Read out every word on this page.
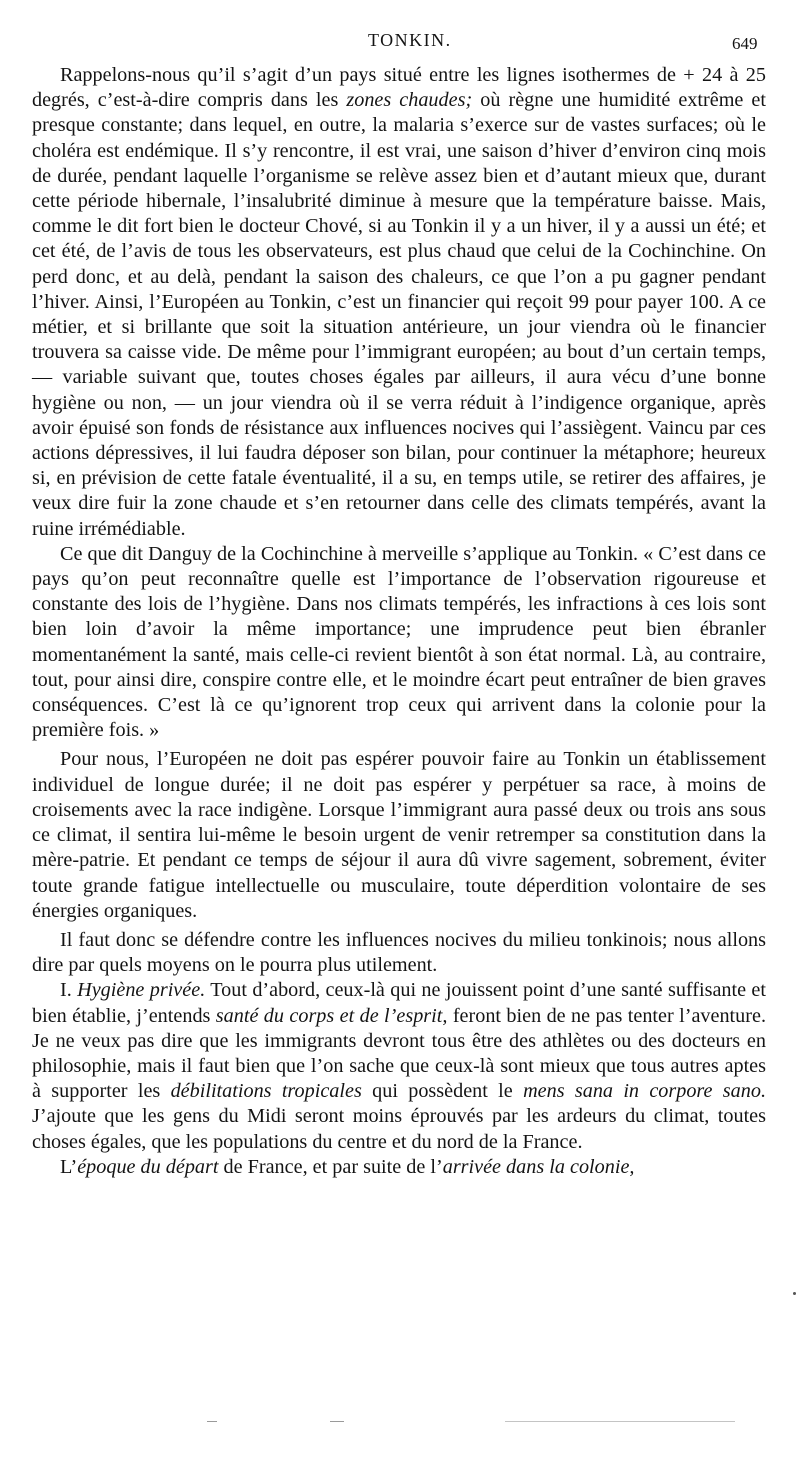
TONKIN.	649

Rappelons-nous qu’il s’agit d’un pays situé entre les lignes isothermes de + 24 à 25 degrés, c’est-à-dire compris dans les zones chaudes; où règne une humidité extrême et presque constante; dans lequel, en outre, la malaria s’exerce sur de vastes surfaces; où le choléra est endémique. Il s’y rencontre, il est vrai, une saison d’hiver d’environ cinq mois de durée, pendant laquelle l’organisme se relève assez bien et d’autant mieux que, durant cette période hibernale, l’insalubrité diminue à mesure que la température baisse. Mais, comme le dit fort bien le docteur Chové, si au Tonkin il y a un hiver, il y a aussi un été; et cet été, de l’avis de tous les observateurs, est plus chaud que celui de la Cochinchine. On perd donc, et au delà, pendant la saison des chaleurs, ce que l’on a pu gagner pendant l’hiver. Ainsi, l’Européen au Tonkin, c’est un financier qui reçoit 99 pour payer 100. A ce métier, et si brillante que soit la situation antérieure, un jour viendra où le financier trouvera sa caisse vide. De même pour l’immigrant européen; au bout d’un certain temps, — variable suivant que, toutes choses égales par ailleurs, il aura vécu d’une bonne hygiène ou non, — un jour viendra où il se verra réduit à l’indigence organique, après avoir épuisé son fonds de résistance aux influences nocives qui l’assiègent. Vaincu par ces actions dépressives, il lui faudra déposer son bilan, pour continuer la métaphore; heureux si, en prévision de cette fatale éventualité, il a su, en temps utile, se retirer des affaires, je veux dire fuir la zone chaude et s’en retourner dans celle des climats tempérés, avant la ruine irrémédiable.

Ce que dit Danguy de la Cochinchine à merveille s’applique au Tonkin. « C’est dans ce pays qu’on peut reconnaître quelle est l’importance de l’observation rigoureuse et constante des lois de l’hygiène. Dans nos climats tempérés, les infractions à ces lois sont bien loin d’avoir la même importance; une imprudence peut bien ébranler momentanément la santé, mais celle-ci revient bientôt à son état normal. Là, au contraire, tout, pour ainsi dire, conspire contre elle, et le moindre écart peut entraîner de bien graves conséquences. C’est là ce qu’ignorent trop ceux qui arrivent dans la colonie pour la première fois. »

Pour nous, l’Européen ne doit pas espérer pouvoir faire au Tonkin un établissement individuel de longue durée; il ne doit pas espérer y perpétuer sa race, à moins de croisements avec la race indigène. Lorsque l’immigrant aura passé deux ou trois ans sous ce climat, il sentira lui-même le besoin urgent de venir retremper sa constitution dans la mère-patrie. Et pendant ce temps de séjour il aura dû vivre sagement, sobrement, éviter toute grande fatigue intellectuelle ou musculaire, toute déperdition volontaire de ses énergies organiques.

Il faut donc se défendre contre les influences nocives du milieu tonkinois; nous allons dire par quels moyens on le pourra plus utilement.

I. Hygiène privée. Tout d’abord, ceux-là qui ne jouissent point d’une santé suffisante et bien établie, j’entends santé du corps et de l’esprit, feront bien de ne pas tenter l’aventure. Je ne veux pas dire que les immigrants devront tous être des athlètes ou des docteurs en philosophie, mais il faut bien que l’on sache que ceux-là sont mieux que tous autres aptes à supporter les débilitations tropicales qui possèdent le mens sana in corpore sano. J’ajoute que les gens du Midi seront moins éprouvés par les ardeurs du climat, toutes choses égales, que les populations du centre et du nord de la France.

L’époque du départ de France, et par suite de l’arrivée dans la colonie,
